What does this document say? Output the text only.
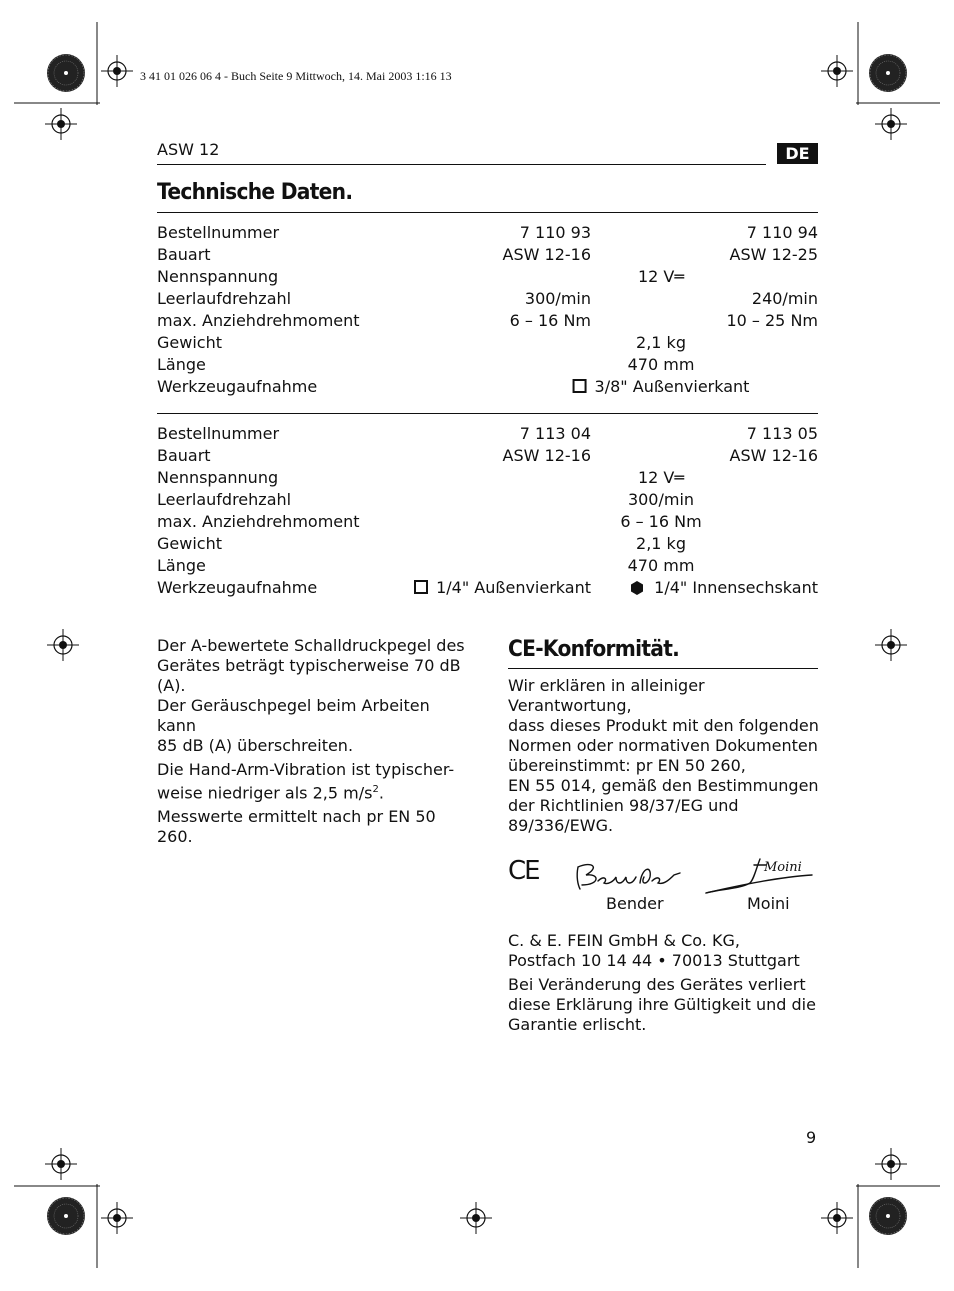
3 41 01 026 06 4 - Buch Seite 9 Mittwoch, 14. Mai 2003 1:16 13
ASW 12	DE
Technische Daten.
Bestellnummer	7 110 93	7 110 94
Bauart	ASW 12-16	ASW 12-25
Nennspannung	12 V═
Leerlaufdrehzahl	300/min	240/min
max. Anziehdrehmoment	6 – 16 Nm	10 – 25 Nm
Gewicht	2,1 kg
Länge	470 mm
Werkzeugaufnahme	3/8" Außenvierkant
Bestellnummer	7 113 04	7 113 05
Bauart	ASW 12-16	ASW 12-16
Nennspannung	12 V═
Leerlaufdrehzahl	300/min
max. Anziehdrehmoment	6 – 16 Nm
Gewicht	2,1 kg
Länge	470 mm
Werkzeugaufnahme	1/4" Außenvierkant	1/4" Innensechskant
Der A-bewertete Schalldruckpegel des
Gerätes beträgt typischerweise 70 dB (A).
Der Geräuschpegel beim Arbeiten kann
85 dB (A) überschreiten.
Die Hand-Arm-Vibration ist typischer-
weise niedriger als 2,5 $m/s^2$.
Messwerte ermittelt nach pr EN 50 260.
CE-Konformität.
Wir erklären in alleiniger Verantwortung,
dass dieses Produkt mit den folgenden
Normen oder normativen Dokumenten
übereinstimmt: pr EN 50 260,
EN 55 014, gemäß den Bestimmungen
der Richtlinien 98/37/EG und
89/336/EWG.
CE	Moini
Bender	Moini
C. & E. FEIN GmbH & Co. KG,
Postfach 10 14 44 • 70013 Stuttgart
Bei Veränderung des Gerätes verliert
diese Erklärung ihre Gültigkeit und die
Garantie erlischt.
9
